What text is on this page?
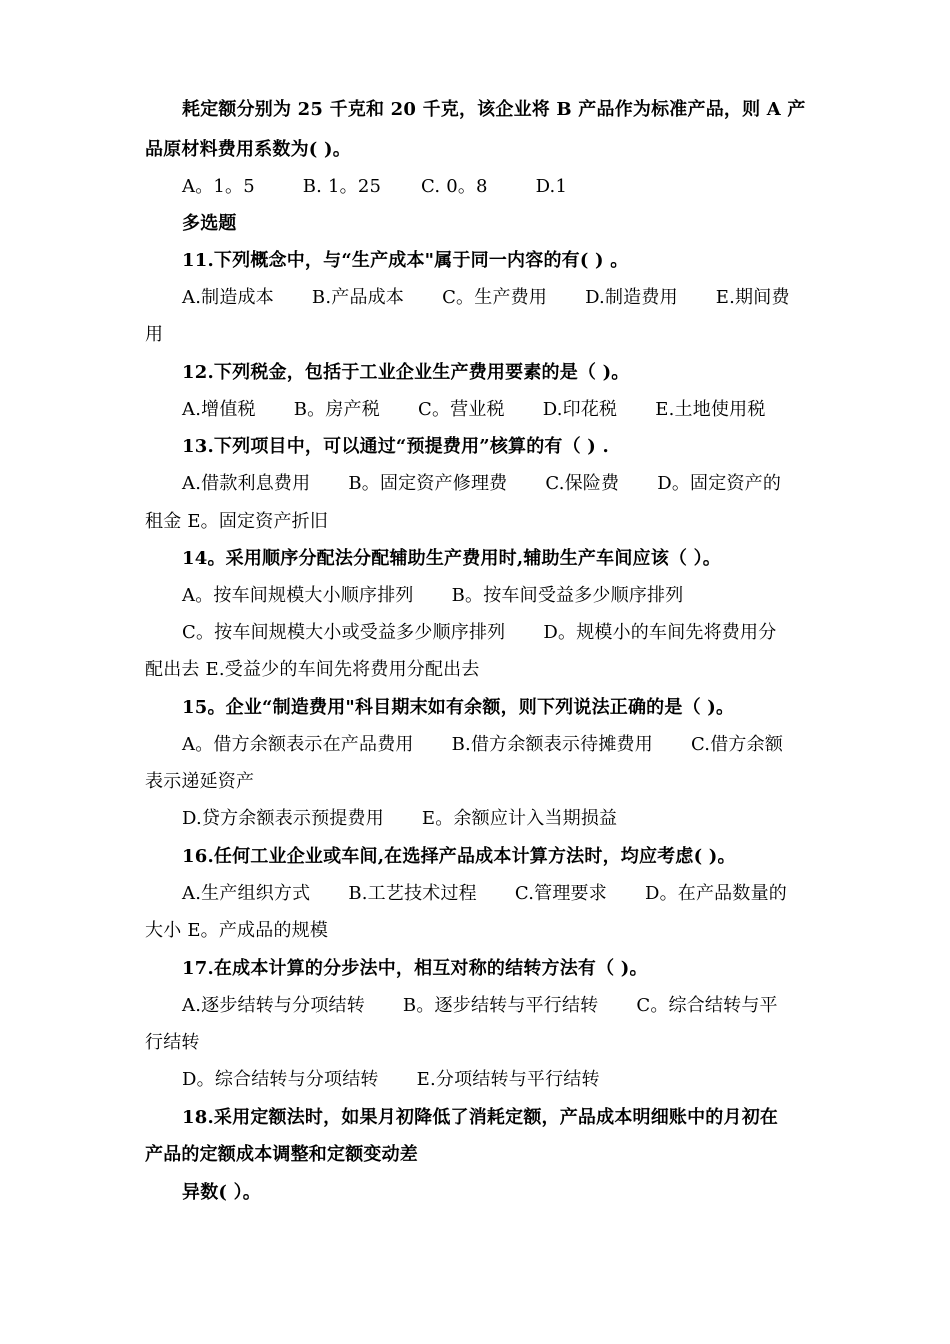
耗定额分别为 25 千克和 20 千克，该企业将 B 产品作为标准产品，则 A 产
品原材料费用系数为( )。
A。1。5	B. 1。25 C. 0。8	D.1
多选题
11.下列概念中，与“生产成本"属于同一内容的有( ) 。
A.制造成本 B.产品成本 C。生产费用 D.制造费用 E.期间费
用
12.下列税金，包括于工业企业生产费用要素的是（ )。
A.增值税 B。房产税 C。营业税 D.印花税 E.土地使用税
13.下列项目中，可以通过“预提费用”核算的有（ ) .
A.借款利息费用 B。固定资产修理费 C.保险费 D。固定资产的
租金 E。固定资产折旧
14。采用顺序分配法分配辅助生产费用时,辅助生产车间应该（ ）。
A。按车间规模大小顺序排列 B。按车间受益多少顺序排列
C。按车间规模大小或受益多少顺序排列 D。规模小的车间先将费用分
配出去 E.受益少的车间先将费用分配出去
15。企业“制造费用"科目期末如有余额，则下列说法正确的是（ )。
A。借方余额表示在产品费用 B.借方余额表示待摊费用 C.借方余额
表示递延资产
D.贷方余额表示预提费用 E。余额应计入当期损益
16.任何工业企业或车间,在选择产品成本计算方法时，均应考虑( )。
A.生产组织方式 B.工艺技术过程 C.管理要求 D。在产品数量的
大小 E。产成品的规模
17.在成本计算的分步法中，相互对称的结转方法有（ )。
A.逐步结转与分项结转 B。逐步结转与平行结转 C。综合结转与平
行结转
D。综合结转与分项结转 E.分项结转与平行结转
18.采用定额法时，如果月初降低了消耗定额，产品成本明细账中的月初在
产品的定额成本调整和定额变动差
异数( ）。
